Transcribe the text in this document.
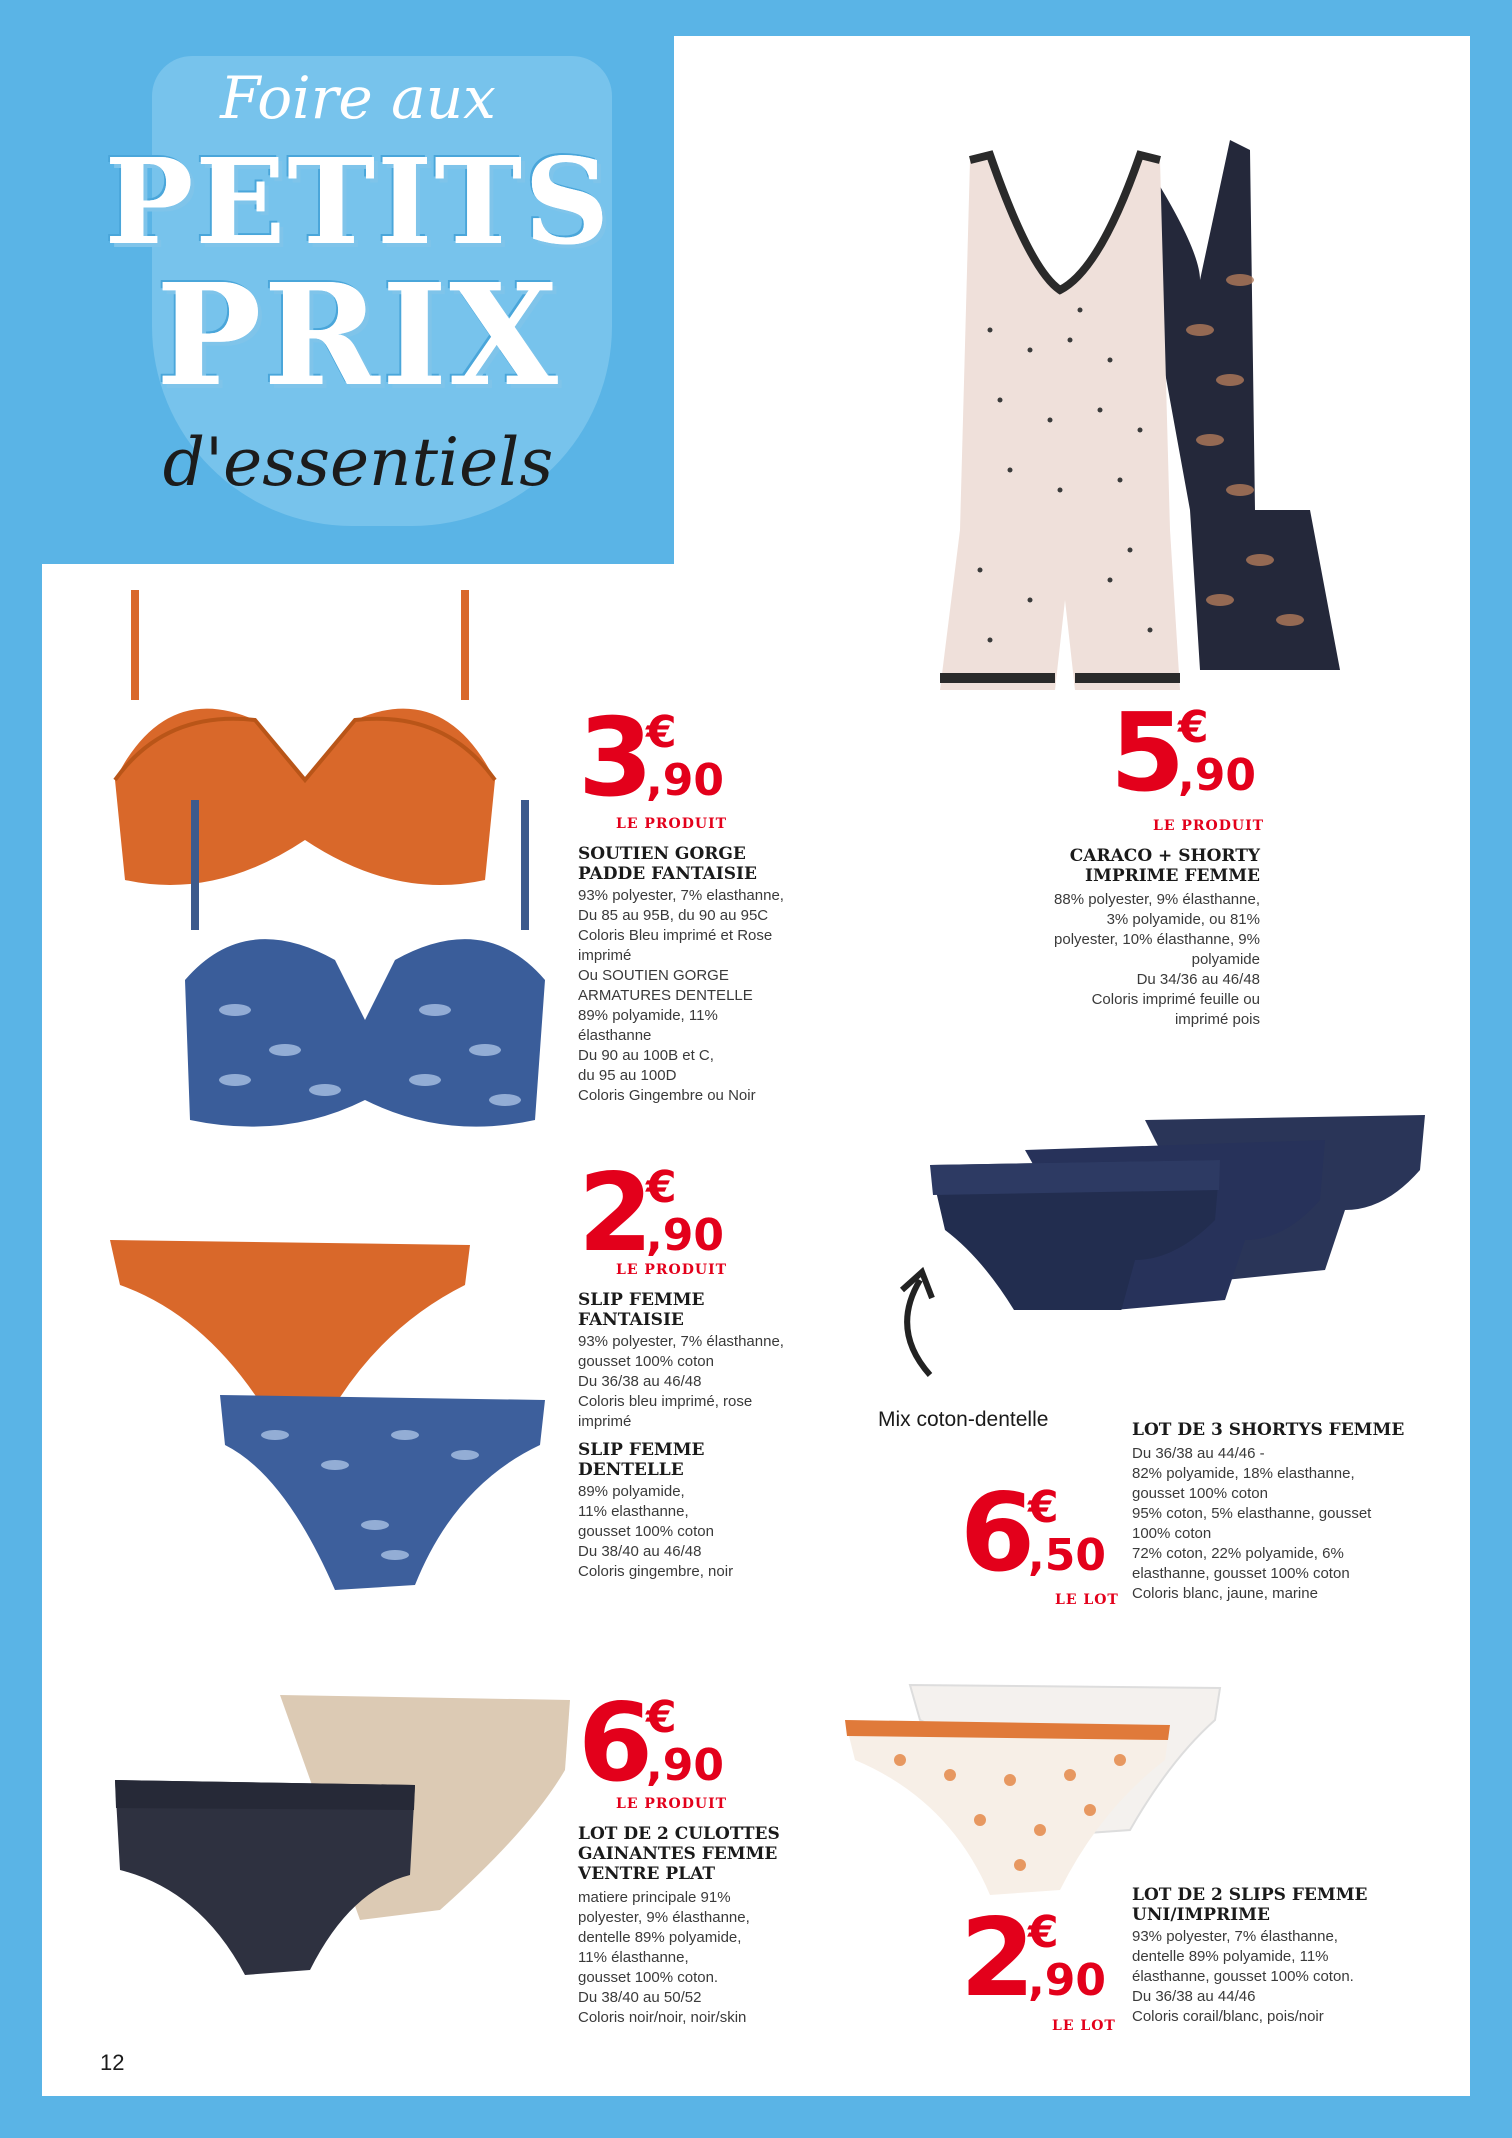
Foire aux
PETITS
PRIX
d'essentiels
5
€
,90
LE PRODUIT
CARACO + SHORTY
IMPRIME FEMME
88% polyester, 9% élasthanne,
3% polyamide, ou 81%
polyester, 10% élasthanne, 9%
polyamide
Du 34/36 au 46/48
Coloris imprimé feuille ou
imprimé pois
3
€
,90
LE PRODUIT
SOUTIEN GORGE
PADDE FANTAISIE
93% polyester, 7% elasthanne,
Du 85 au 95B, du 90 au 95C
Coloris Bleu imprimé et Rose
imprimé
Ou SOUTIEN GORGE
ARMATURES DENTELLE
89% polyamide, 11%
élasthanne
Du 90 au 100B et C,
du 95 au 100D
Coloris Gingembre ou Noir
Mix coton-dentelle
6
€
,50
LE LOT
LOT DE 3 SHORTYS FEMME
Du 36/38 au 44/46 -
82% polyamide, 18% elasthanne,
gousset 100% coton
95% coton, 5% elasthanne, gousset
100% coton
72% coton, 22% polyamide, 6%
elasthanne, gousset 100% coton
Coloris blanc, jaune, marine
2
€
,90
LE PRODUIT
SLIP FEMME
FANTAISIE
93% polyester, 7% élasthanne,
gousset 100% coton
Du 36/38 au 46/48
Coloris bleu imprimé, rose
imprimé
SLIP FEMME
DENTELLE
89% polyamide,
11% elasthanne,
gousset 100% coton
Du 38/40 au 46/48
Coloris gingembre, noir
6
€
,90
LE PRODUIT
LOT DE 2 CULOTTES
GAINANTES FEMME
VENTRE PLAT
matiere principale 91%
polyester, 9% élasthanne,
dentelle 89% polyamide,
11% élasthanne,
gousset 100% coton.
Du 38/40 au 50/52
Coloris noir/noir, noir/skin	2
€
,90
LE LOT
LOT DE 2 SLIPS FEMME
UNI/IMPRIME
93% polyester, 7% élasthanne,
dentelle 89% polyamide, 11%
élasthanne, gousset 100% coton.
Du 36/38 au 44/46
Coloris corail/blanc, pois/noir
12
